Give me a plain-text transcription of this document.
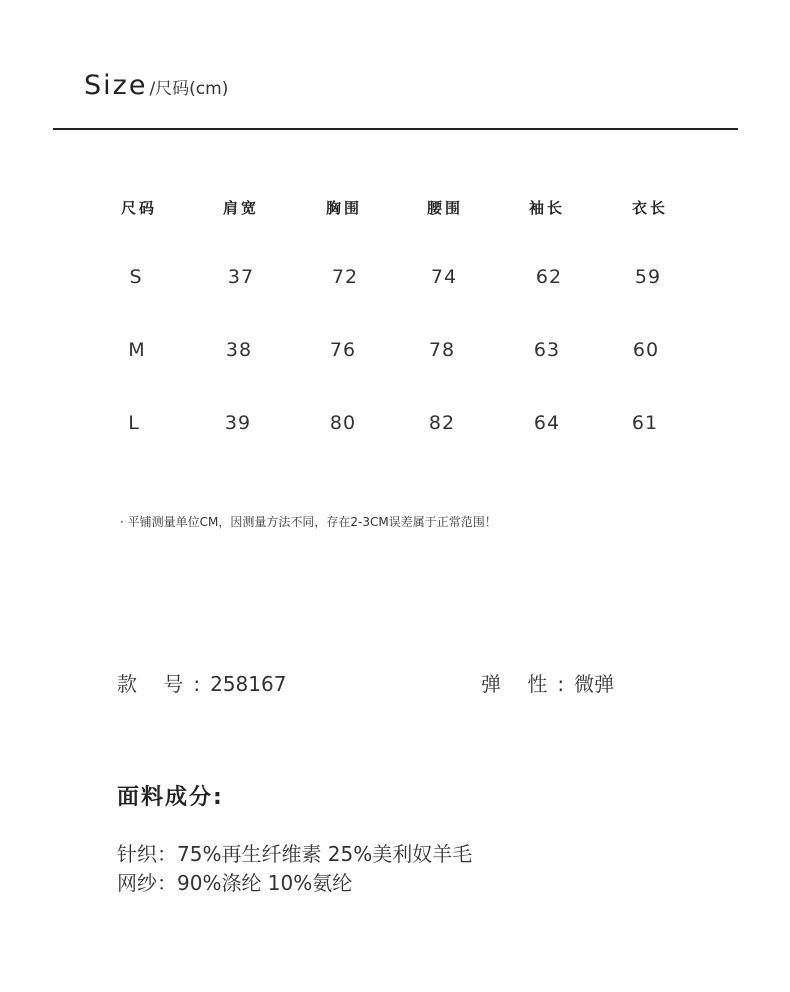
Size /尺码(cm)
尺码	肩宽	胸围	腰围	袖长	衣长
S	37	72	74	62	59
M	38	76	78	63	60
L	39	80	82	64	61
· 平铺测量单位CM，因测量方法不同，存在2-3CM误差属于正常范围！
款　 号 : 258167	弹　 性 : 微弹
面料成分:
针织：75%再生纤维素 25%美利奴羊毛
网纱：90%涤纶 10%氨纶
